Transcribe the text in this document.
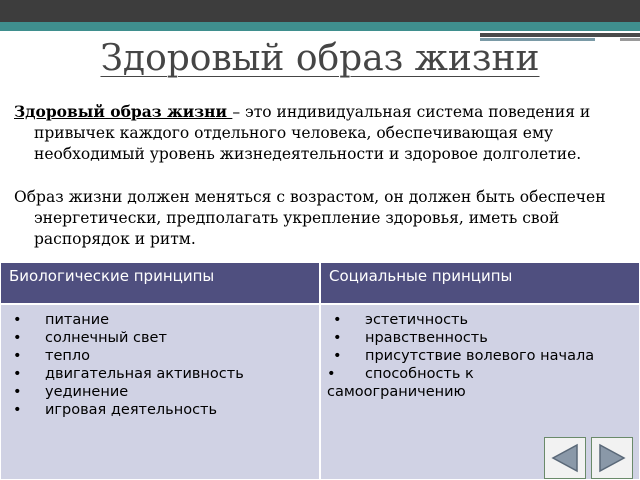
Здоровый образ жизни
Здоровый образ жизни – это индивидуальная система поведения и привычек каждого отдельного человека, обеспечивающая ему необходимый уровень жизнедеятельности и здоровое долголетие.
Образ жизни должен меняться с возрастом, он должен быть обеспечен энергетически, предполагать укрепление здоровья, иметь свой распорядок и ритм.
Биологические принципы	Социальные принципы
• питание
• солнечный свет
• тепло
• двигательная активность
• уединение
• игровая деятельность
• эстетичность
• нравственность
• присутствие волевого начала
• способность к
самоограничению
